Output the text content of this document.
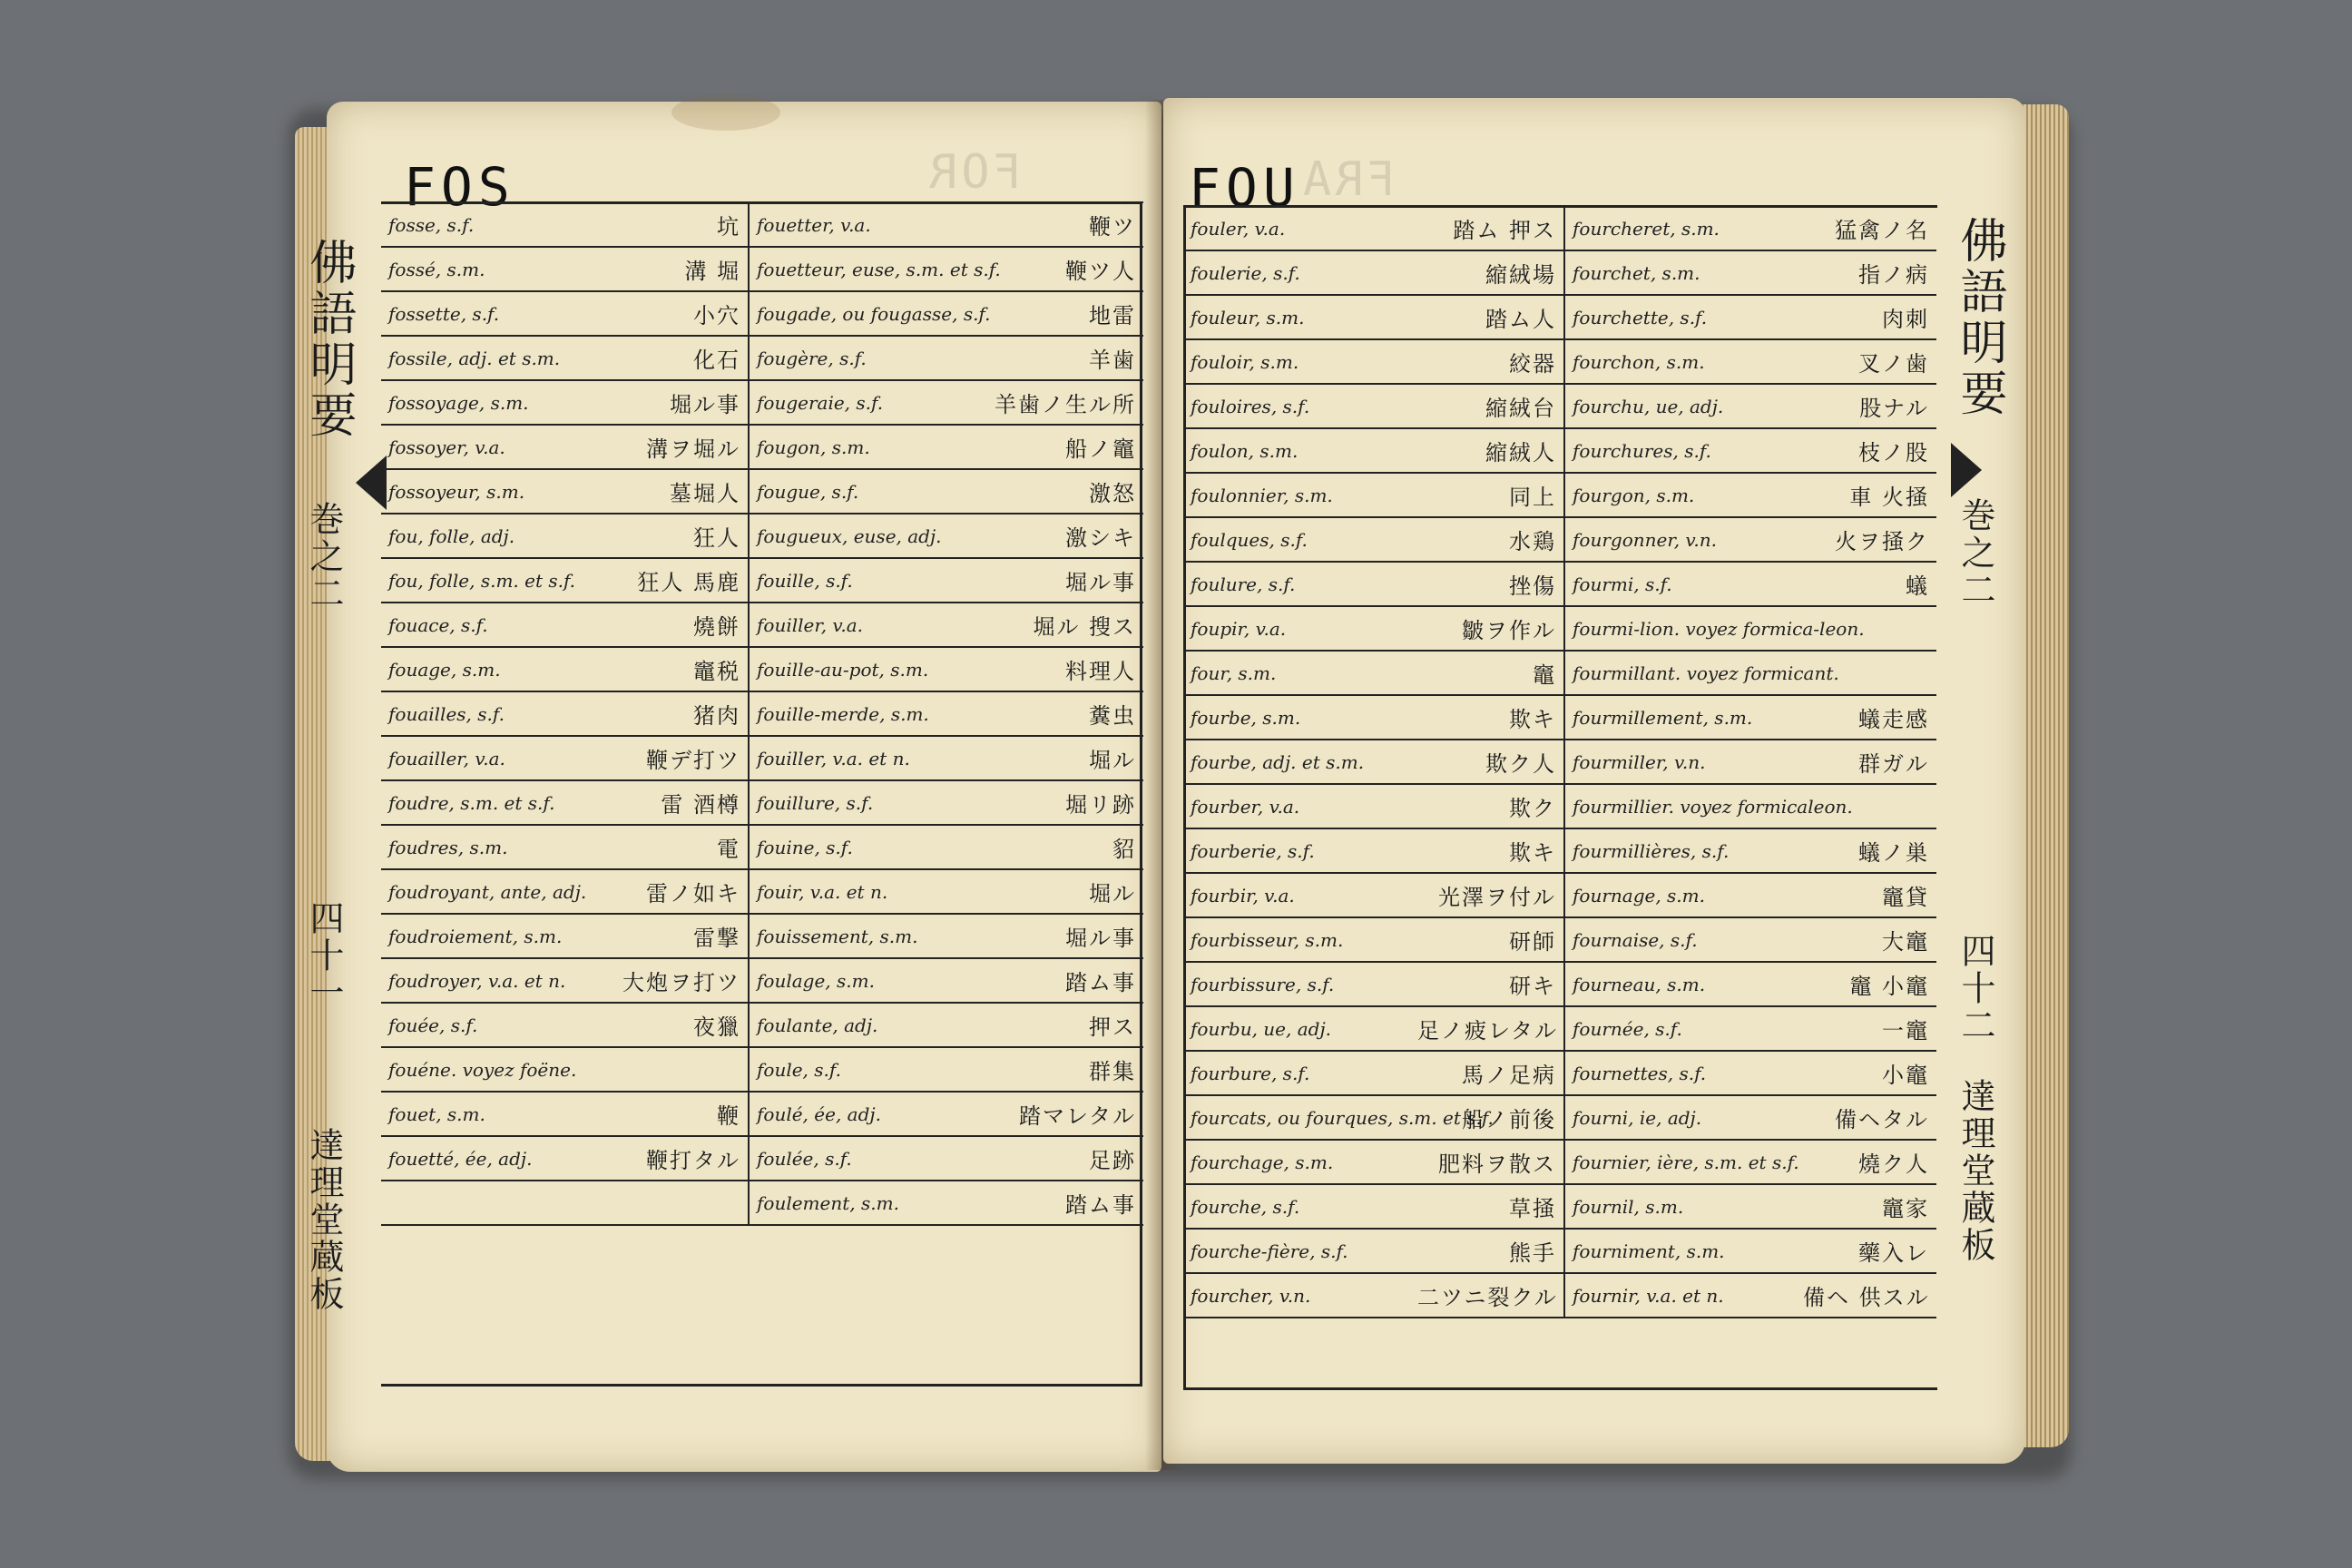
FOS	FOR
佛語明要
巻之二
四十一
達理堂蔵板
fosse, s.f.	坑	fouetter, v.a.	鞭ツ
fossé, s.m.	溝 堀	fouetteur, euse, s.m. et s.f.	鞭ツ人
fossette, s.f.	小穴	fougade, ou fougasse, s.f.	地雷
fossile, adj. et s.m.	化石	fougère, s.f.	羊歯
fossoyage, s.m.	堀ル事	fougeraie, s.f.	羊歯ノ生ル所
fossoyer, v.a.	溝ヲ堀ル	fougon, s.m.	船ノ竈
fossoyeur, s.m.	墓堀人	fougue, s.f.	激怒
fou, folle, adj.	狂人	fougueux, euse, adj.	激シキ
fou, folle, s.m. et s.f.	狂人 馬鹿	fouille, s.f.	堀ル事
fouace, s.f.	燒餅	fouiller, v.a.	堀ル 搜ス
fouage, s.m.	竈税	fouille-au-pot, s.m.	料理人
fouailles, s.f.	猪肉	fouille-merde, s.m.	糞虫
fouailler, v.a.	鞭デ打ツ	fouiller, v.a. et n.	堀ル
foudre, s.m. et s.f.	雷 酒樽	fouillure, s.f.	堀リ跡
foudres, s.m.	電	fouine, s.f.	貂
foudroyant, ante, adj.	雷ノ如キ	fouir, v.a. et n.	堀ル
foudroiement, s.m.	雷撃	fouissement, s.m.	堀ル事
foudroyer, v.a. et n.	大炮ヲ打ツ	foulage, s.m.	踏ム事
fouée, s.f.	夜獵	foulante, adj.	押ス
fouéne. voyez foëne.		foule, s.f.	群集
fouet, s.m.	鞭	foulé, ée, adj.	踏マレタル
fouetté, ée, adj.	鞭打タル	foulée, s.f.	足跡
		foulement, s.m.	踏ム事
FOU FRA
fouler, v.a.	踏ム 押ス	fourcheret, s.m.	猛禽ノ名
foulerie, s.f.	縮絨場	fourchet, s.m.	指ノ病
fouleur, s.m.	踏ム人	fourchette, s.f.	肉刺
fouloir, s.m.	絞器	fourchon, s.m.	叉ノ歯
fouloires, s.f.	縮絨台	fourchu, ue, adj.	股ナル
foulon, s.m.	縮絨人	fourchures, s.f.	枝ノ股
foulonnier, s.m.	同上	fourgon, s.m.	車 火掻
foulques, s.f.	水鶏	fourgonner, v.n.	火ヲ掻ク
foulure, s.f.	挫傷	fourmi, s.f.	蟻
foupir, v.a.	皺ヲ作ル	fourmi-lion. voyez formica-leon.	
four, s.m.	竈	fourmillant. voyez formicant.	
fourbe, s.m.	欺キ	fourmillement, s.m.	蟻走感
fourbe, adj. et s.m.	欺ク人	fourmiller, v.n.	群ガル
fourber, v.a.	欺ク	fourmillier. voyez formicaleon.	
fourberie, s.f.	欺キ	fourmillières, s.f.	蟻ノ巣
fourbir, v.a.	光澤ヲ付ル	fournage, s.m.	竈貸
fourbisseur, s.m.	研師	fournaise, s.f.	大竈
fourbissure, s.f.	研キ	fourneau, s.m.	竈 小竈
fourbu, ue, adj.	足ノ疲レタル	fournée, s.f.	一竈
fourbure, s.f.	馬ノ足病	fournettes, s.f.	小竈
fourcats, ou fourques, s.m. et s.f.	船ノ前後	fourni, ie, adj.	備ヘタル
fourchage, s.m.	肥料ヲ散ス	fournier, ière, s.m. et s.f.	燒ク人
fourche, s.f.	草掻	fournil, s.m.	竈家
fourche-fière, s.f.	熊手	fourniment, s.m.	藥入レ
fourcher, v.n.	二ツニ裂クル	fournir, v.a. et n.	備ヘ 供スル
佛語明要
巻之二
四十二
達理堂蔵板
